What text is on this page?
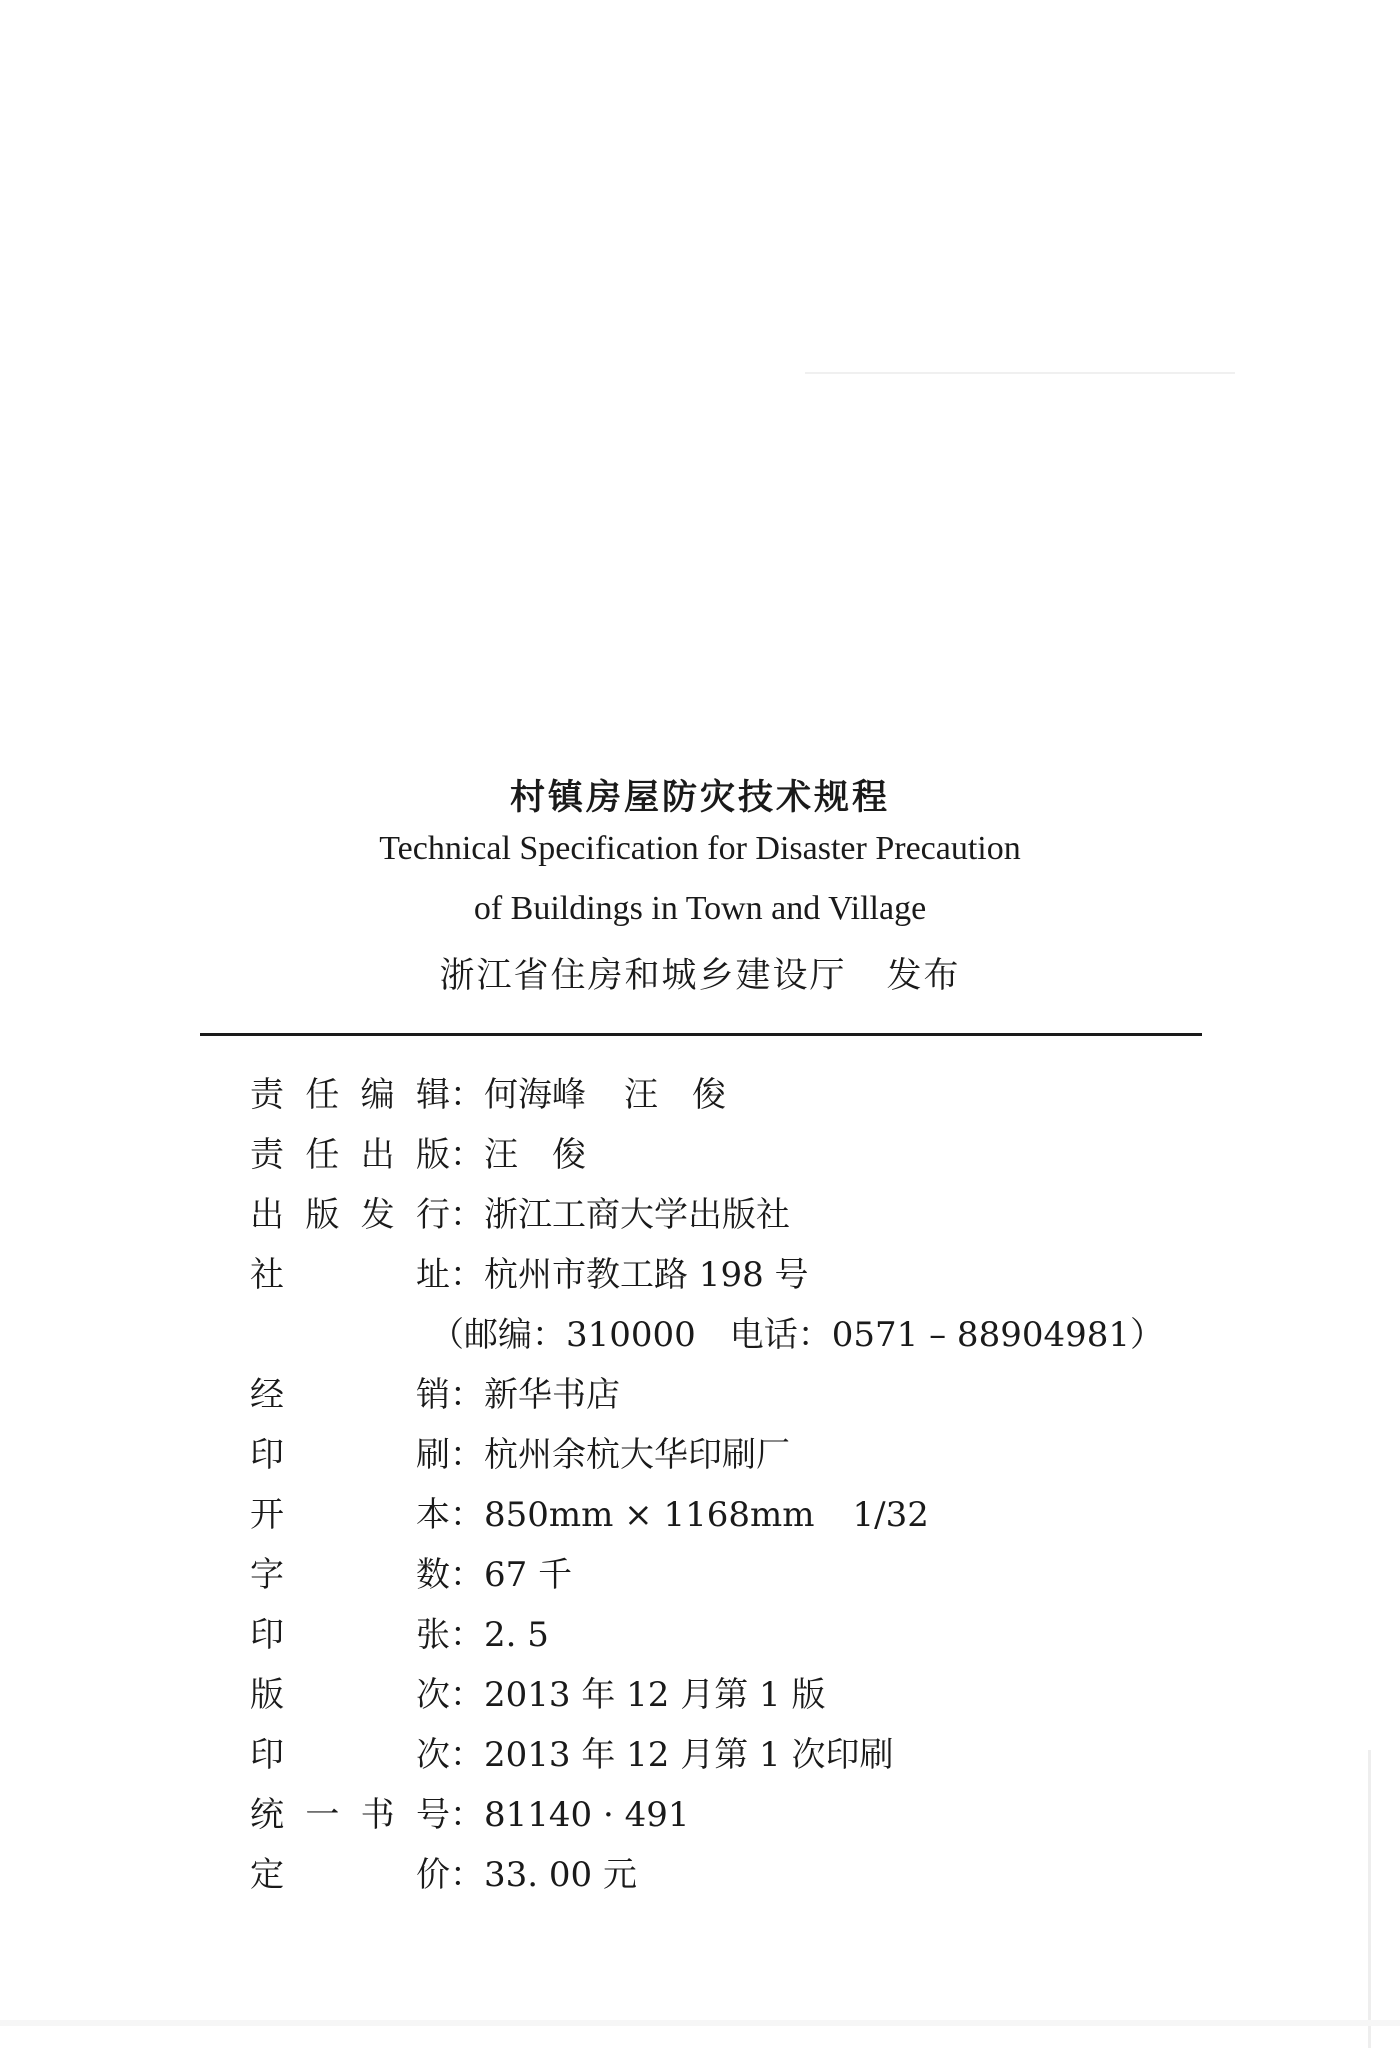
村镇房屋防灾技术规程
Technical Specification for Disaster Precaution
of Buildings in Town and Village
浙江省住房和城乡建设厅 发布
责任编辑 ： 何海峰 汪　俊
责任出版 ： 汪　俊
出版发行 ： 浙江工商大学出版社
社　　址 ： 杭州市教工路 198 号
（邮编：310000　电话：0571 – 88904981）
经　　销 ： 新华书店
印　　刷 ： 杭州余杭大华印刷厂
开　　本 ： 850mm × 1168mm 1/32
字　　数 ： 67 千
印　　张 ： 2. 5
版　　次 ： 2013 年 12 月第 1 版
印　　次 ： 2013 年 12 月第 1 次印刷
统一书号 ： 81140 · 491
定　　价 ： 33. 00 元
